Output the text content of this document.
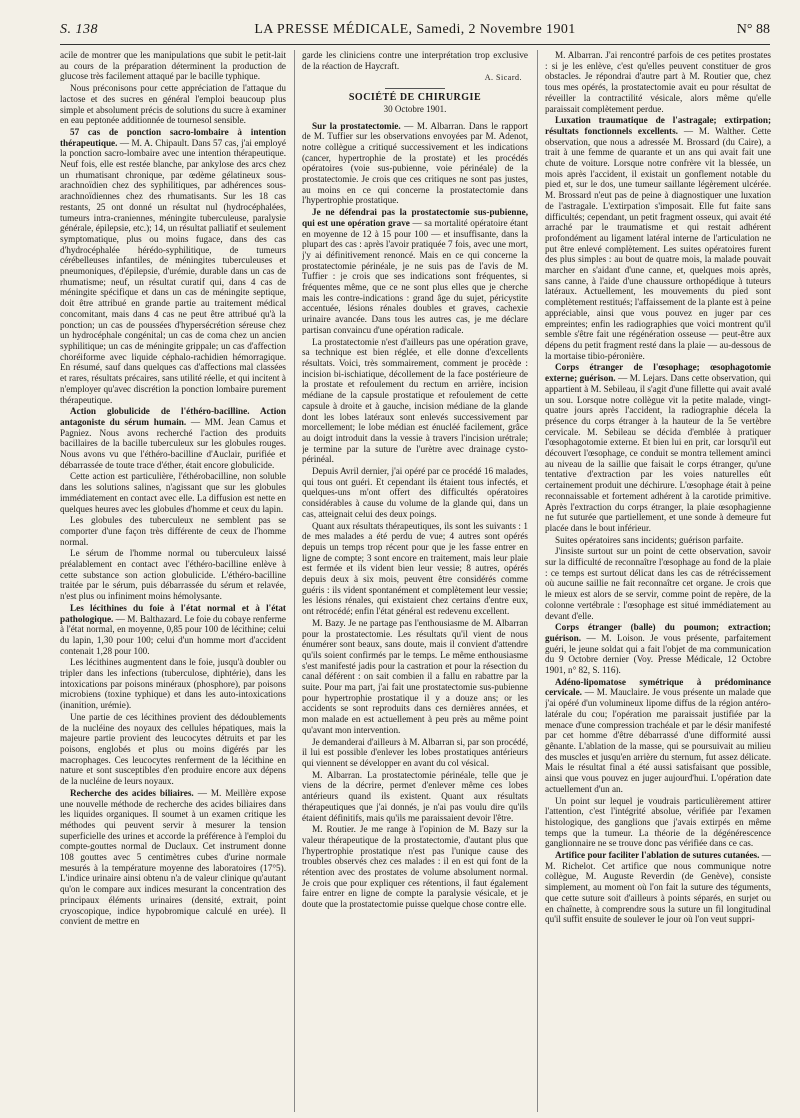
S. 138	LA PRESSE MÉDICALE, Samedi, 2 Novembre 1901	N° 88

acile de montrer que les manipulations que subit le petit-lait au cours de la préparation déterminent la production de glucose très facilement attaqué par le bacille typhique.

Nous préconisons pour cette appréciation de l'attaque du lactose et des sucres en général l'emploi beaucoup plus simple et absolument précis de solutions du sucre à examiner en eau peptonée additionnée de tournesol sensible.

57 cas de ponction sacro-lombaire à intention thérapeutique. — M. A. Chipault. Dans 57 cas, j'ai employé la ponction sacro-lombaire avec une intention thérapeutique. Neuf fois, elle est restée blanche, par ankylose des arcs chez un rhumatisant chronique, par œdème gélatineux sous-arachnoïdien chez des syphilitiques, par adhérences sous-arachnoïdiennes chez des rhumatisants. Sur les 18 cas restants, 25 ont donné un résultat nul (hydrocéphalées, tumeurs intra-craniennes, méningite tuberculeuse, paralysie générale, épilepsie, etc.); 14, un résultat palliatif et seulement symptomatique, plus ou moins fugace, dans des cas d'hydrocéphalée hérédo-syphilitique, de tumeurs cérébelleuses infantiles, de méningites tuberculeuses et pneumoniques, d'épilepsie, d'urémie, durable dans un cas de rhumatisme; neuf, un résultat curatif qui, dans 4 cas de méningite spécifique et dans un cas de méningite septique, doit être attribué en grande partie au traitement médical concomitant, mais dans 4 cas ne peut être attribué qu'à la ponction; un cas de poussées d'hypersécrétion séreuse chez un hydrocéphale congénital; un cas de coma chez un ancien syphilitique; un cas de méningite grippale; un cas d'affection choréiforme avec liquide céphalo-rachidien hémorragique. En résumé, sauf dans quelques cas d'affections mal classées et rares, résultats précaires, sans utilité réelle, et qui incitent à n'employer qu'avec discrétion la ponction lombaire purement thérapeutique.

Action globulicide de l'éthéro-bacilline. Action antagoniste du sérum humain. — MM. Jean Camus et Pagniez. Nous avons recherché l'action des produits bacillaires de la bacille tuberculeux sur les globules rouges. Nous avons vu que l'éthéro-bacilline d'Auclair, purifiée et débarrassée de toute trace d'éther, était encore globulicide.

Cette action est particulière, l'éthérobacilline, non soluble dans les solutions salines, n'agissant que sur les globules immédiatement en contact avec elle. La diffusion est nette en quelques heures avec les globules d'homme et ceux du lapin.

Les globules des tuberculeux ne semblent pas se comporter d'une façon très différente de ceux de l'homme normal.

Le sérum de l'homme normal ou tuberculeux laissé préalablement en contact avec l'éthéro-bacilline enlève à cette substance son action globulicide. L'éthéro-bacilline traitée par le sérum, puis débarrassée du sérum et relavée, n'est plus ou infiniment moins hémolysante.

Les lécithines du foie à l'état normal et à l'état pathologique. — M. Balthazard. Le foie du cobaye renferme à l'état normal, en moyenne, 0,85 pour 100 de lécithine; celui du lapin, 1,30 pour 100; celui d'un homme mort d'accident contenait 1,28 pour 100.

Les lécithines augmentent dans le foie, jusqu'à doubler ou tripler dans les infections (tuberculose, diphtérie), dans les intoxications par poisons minéraux (phosphore), par poisons microbiens (toxine typhique) et dans les auto-intoxications (inanition, urémie).

Une partie de ces lécithines provient des dédoublements de la nucléine des noyaux des cellules hépatiques, mais la majeure partie provient des leucocytes détruits et par les poisons, englobés et plus ou moins digérés par les macrophages. Ces leucocytes renferment de la lécithine en nature et sont susceptibles d'en produire encore aux dépens de la nucléine de leurs noyaux.

Recherche des acides biliaires. — M. Meillère expose une nouvelle méthode de recherche des acides biliaires dans les liquides organiques. Il soumet à un examen critique les méthodes qui peuvent servir à mesurer la tension superficielle des urines et accorde la préférence à l'emploi du compte-gouttes normal de Duclaux. Cet instrument donne 108 gouttes avec 5 centimètres cubes d'urine normale mesurés à la température moyenne des laboratoires (17°5). L'indice urinaire ainsi obtenu n'a de valeur clinique qu'autant qu'on le compare aux indices mesurant la concentration des principaux éléments urinaires (densité, extrait, point cryoscopique, indice hypobromique calculé en urée). Il convient de mettre en

garde les cliniciens contre une interprétation trop exclusive de la réaction de Haycraft.

A. Sicard.
SOCIÉTÉ DE CHIRURGIE
30 Octobre 1901.

Sur la prostatectomie. — M. Albarran. Dans le rapport de M. Tuffier sur les observations envoyées par M. Adenot, notre collègue a critiqué successivement et les indications (cancer, hypertrophie de la prostate) et les procédés opératoires (voie sus-pubienne, voie périnéale) de la prostatectomie. Je crois que ces critiques ne sont pas justes, au moins en ce qui concerne la prostatectomie dans l'hypertrophie prostatique.

Je ne défendrai pas la prostatectomie sus-pubienne, qui est une opération grave — sa mortalité opératoire étant en moyenne de 12 à 15 pour 100 — et insuffisante, dans la plupart des cas : après l'avoir pratiquée 7 fois, avec une mort, j'y ai définitivement renoncé. Mais en ce qui concerne la prostatectomie périnéale, je ne suis pas de l'avis de M. Tuffier : je crois que ses indications sont fréquentes, si fréquentes même, que ce ne sont plus elles que je cherche mais les contre-indications : grand âge du sujet, péricystite accentuée, lésions rénales doubles et graves, cachexie urinaire avancée. Dans tous les autres cas, je me déclare partisan convaincu d'une opération radicale.

La prostatectomie n'est d'ailleurs pas une opération grave, sa technique est bien réglée, et elle donne d'excellents résultats. Voici, très sommairement, comment je procède : incision bi-ischiatique, décollement de la face postérieure de la prostate et refoulement du rectum en arrière, incision médiane de la capsule prostatique et refoulement de cette capsule à droite et à gauche, incision médiane de la glande dont les lobes latéraux sont enlevés successivement par morcellement; le lobe médian est énucléé facilement, grâce au doigt introduit dans la vessie à travers l'incision urétrale; je termine par la suture de l'urètre avec drainage cysto-périnéal.

Depuis Avril dernier, j'ai opéré par ce procédé 16 malades, qui tous ont guéri. Et cependant ils étaient tous infectés, et quelques-uns m'ont offert des difficultés opératoires considérables à cause du volume de la glande qui, dans un cas, atteignait celui des deux poings.

Quant aux résultats thérapeutiques, ils sont les suivants : 1 de mes malades a été perdu de vue; 4 autres sont opérés depuis un temps trop récent pour que je les fasse entrer en ligne de compte; 3 sont encore en traitement, mais leur plaie est fermée et ils vident bien leur vessie; 8 autres, opérés depuis deux à six mois, peuvent être considérés comme guéris : ils vident spontanément et complètement leur vessie; les lésions rénales, qui existaient chez certains d'entre eux, ont rétrocédé; enfin l'état général est redevenu excellent.

M. Bazy. Je ne partage pas l'enthousiasme de M. Albarran pour la prostatectomie. Les résultats qu'il vient de nous énumérer sont beaux, sans doute, mais il convient d'attendre qu'ils soient confirmés par le temps. Le même enthousiasme s'est manifesté jadis pour la castration et pour la résection du canal déférent : on sait combien il a fallu en rabattre par la suite. Pour ma part, j'ai fait une prostatectomie sus-pubienne pour hypertrophie prostatique il y a douze ans; or les accidents se sont reproduits dans ces dernières années, et mon malade en est actuellement à peu près au même point qu'avant mon intervention.

Je demanderai d'ailleurs à M. Albarran si, par son procédé, il lui est possible d'enlever les lobes prostatiques antérieurs qui viennent se développer en avant du col vésical.

M. Albarran. La prostatectomie périnéale, telle que je viens de la décrire, permet d'enlever même ces lobes antérieurs quand ils existent. Quant aux résultats thérapeutiques que j'ai donnés, je n'ai pas voulu dire qu'ils étaient définitifs, mais qu'ils me paraissaient devoir l'être.

M. Routier. Je me range à l'opinion de M. Bazy sur la valeur thérapeutique de la prostatectomie, d'autant plus que l'hypertrophie prostatique n'est pas l'unique cause des troubles observés chez ces malades : il en est qui font de la rétention avec des prostates de volume absolument normal. Je crois que pour expliquer ces rétentions, il faut également faire entrer en ligne de compte la paralysie vésicale, et je doute que la prostatectomie puisse quelque chose contre elle.

M. Albarran. J'ai rencontré parfois de ces petites prostates : si je les enlève, c'est qu'elles peuvent constituer de gros obstacles. Je répondrai d'autre part à M. Routier que, chez tous mes opérés, la prostatectomie avait eu pour résultat de réveiller la contractilité vésicale, alors même qu'elle paraissait complètement perdue.

Luxation traumatique de l'astragale; extirpation; résultats fonctionnels excellents. — M. Walther. Cette observation, que nous a adressée M. Brossard (du Caire), a trait à une femme de quarante et un ans qui avait fait une chute de voiture. Lorsque notre confrère vit la blessée, un mois après l'accident, il existait un gonflement notable du pied et, sur le dos, une tumeur saillante légèrement ulcérée. M. Brossard n'eut pas de peine à diagnostiquer une luxation de l'astragale. L'extirpation s'imposait. Elle fut faite sans difficultés; cependant, un petit fragment osseux, qui avait été arraché par le traumatisme et qui restait adhérent profondément au ligament latéral interne de l'articulation ne put être enlevé complètement. Les suites opératoires furent des plus simples : au bout de quatre mois, la malade pouvait marcher en s'aidant d'une canne, et, quelques mois après, sans canne, à l'aide d'une chaussure orthopédique à tuteurs latéraux. Actuellement, les mouvements du pied sont complètement restitués; l'affaissement de la plante est à peine appréciable, ainsi que vous pouvez en juger par ces empreintes; enfin les radiographies que voici montrent qu'il semble s'être fait une régénération osseuse — peut-être aux dépens du petit fragment resté dans la plaie — au-dessous de la mortaise tibio-péronière.

Corps étranger de l'œsophage; œsophagotomie externe; guérison. — M. Lejars. Dans cette observation, qui appartient à M. Sebileau, il s'agit d'une fillette qui avait avalé un sou. Lorsque notre collègue vit la petite malade, vingt-quatre jours après l'accident, la radiographie décela la présence du corps étranger à la hauteur de la 5e vertèbre cervicale. M. Sebileau se décida d'emblée à pratiquer l'œsophagotomie externe. Et bien lui en prit, car lorsqu'il eut découvert l'œsophage, ce conduit se montra tellement aminci au niveau de la saillie que faisait le corps étranger, qu'une tentative d'extraction par les voies naturelles eût certainement produit une déchirure. L'œsophage était à peine reconnaissable et fortement adhérent à la carotide primitive. Après l'extraction du corps étranger, la plaie œsophagienne ne fut suturée que partiellement, et une sonde à demeure fut placée dans le bout inférieur.

Suites opératoires sans incidents; guérison parfaite.

J'insiste surtout sur un point de cette observation, savoir sur la difficulté de reconnaître l'œsophage au fond de la plaie : ce temps est surtout délicat dans les cas de rétrécissement où aucune saillie ne fait reconnaître cet organe. Je crois que le mieux est alors de se servir, comme point de repère, de la colonne vertébrale : l'œsophage est situé immédiatement au devant d'elle.

Corps étranger (balle) du poumon; extraction; guérison. — M. Loison. Je vous présente, parfaitement guéri, le jeune soldat qui a fait l'objet de ma communication du 9 Octobre dernier (Voy. Presse Médicale, 12 Octobre 1901, n° 82, S. 116).

Adéno-lipomatose symétrique à prédominance cervicale. — M. Mauclaire. Je vous présente un malade que j'ai opéré d'un volumineux lipome diffus de la région antéro-latérale du cou; l'opération me paraissait justifiée par la menace d'une compression trachéale et par le désir manifesté par cet homme d'être débarrassé d'une difformité aussi gênante. L'ablation de la masse, qui se poursuivait au milieu des muscles et jusqu'en arrière du sternum, fut assez délicate. Mais le résultat final a été aussi satisfaisant que possible, ainsi que vous pouvez en juger aujourd'hui. L'opération date actuellement d'un an.

Un point sur lequel je voudrais particulièrement attirer l'attention, c'est l'intégrité absolue, vérifiée par l'examen histologique, des ganglions que j'avais extirpés en même temps que la tumeur. La théorie de la dégénérescence ganglionnaire ne se trouve donc pas vérifiée dans ce cas.

Artifice pour faciliter l'ablation de sutures cutanées. — M. Richelot. Cet artifice que nous communique notre collègue, M. Auguste Reverdin (de Genève), consiste simplement, au moment où l'on fait la suture des téguments, que cette suture soit d'ailleurs à points séparés, en surjet ou en chaînette, à comprendre sous la suture un fil longitudinal qu'il suffit ensuite de soulever le jour où l'on veut suppri-
